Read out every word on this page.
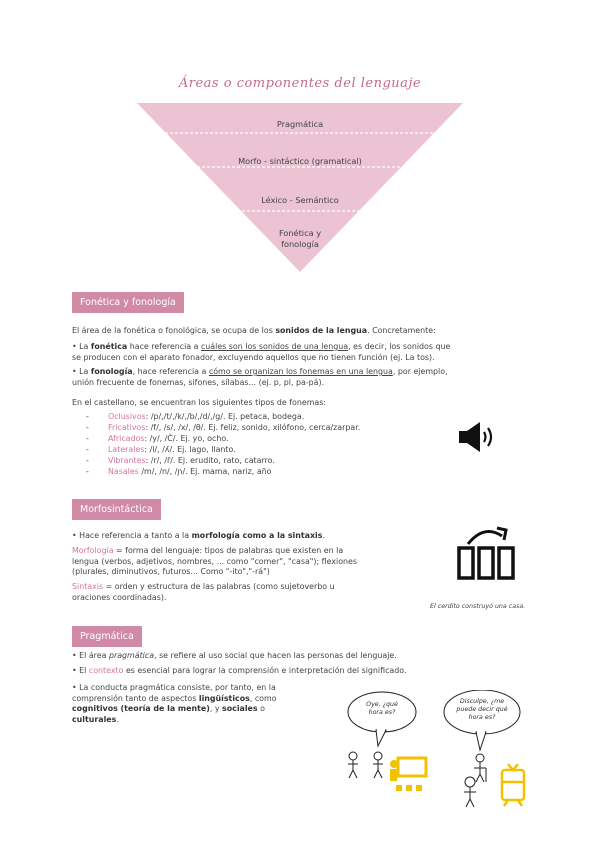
Áreas o componentes del lenguaje
Pragmática
Morfo - sintáctico (gramatical)
Léxico - Semántico
Fonética y
fonología
Fonética y fonología
El área de la fonética o fonológica, se ocupa de los sonidos de la lengua. Concretamente:
• La fonética hace referencia a cuáles son los sonidos de una lengua, es decir, los sonidos que
se producen con el aparato fonador, excluyendo aquellos que no tienen función (ej. La tos).
• La fonología, hace referencia a cómo se organizan los fonemas en una lengua, por ejemplo,
unión frecuente de fonemas, sifones, sílabas... (ej. p, pl, pa-pá).
En el castellano, se encuentran los siguientes tipos de fonemas:
- Oclusivos: /p/,/t/,/k/,/b/,/d/,/g/. Ej. petaca, bodega.
- Fricativos: /f/, /s/, /x/, /θ/. Ej. feliz, sonido, xilófono, cerca/zarpar.
- Africados: /y/, /Č/. Ej. yo, ocho.
- Laterales: /l/, /ʎ/. Ej. lago, llanto.
- Vibrantes: /r/, /r̄/. Ej. erudito, rato, catarro.
- Nasales /m/, /n/, /ɲ/. Ej. mama, nariz, año
Morfosintáctica
• Hace referencia a tanto a la morfología como a la sintaxis.
Morfología = forma del lenguaje: tipos de palabras que existen en la
lengua (verbos, adjetivos, nombres, ... como "comer", "casa"); flexiones
(plurales, diminutivos, futuros... Como "-ito","-rá")
Sintaxis = orden y estructura de las palabras (como sujetoverbo u
oraciones coordinadas).
El cerdito construyó una casa.
Pragmática
• El área pragmática, se refiere al uso social que hacen las personas del lenguaje.
• El contexto es esencial para lograr la comprensión e interpretación del significado.
• La conducta pragmática consiste, por tanto, en la
comprensión tanto de aspectos lingüísticos, como
cognitivos (teoría de la mente), y sociales o
culturales.
Oye, ¿qué
hora es?
Disculpe, ¿me
puede decir qué
hora es?
